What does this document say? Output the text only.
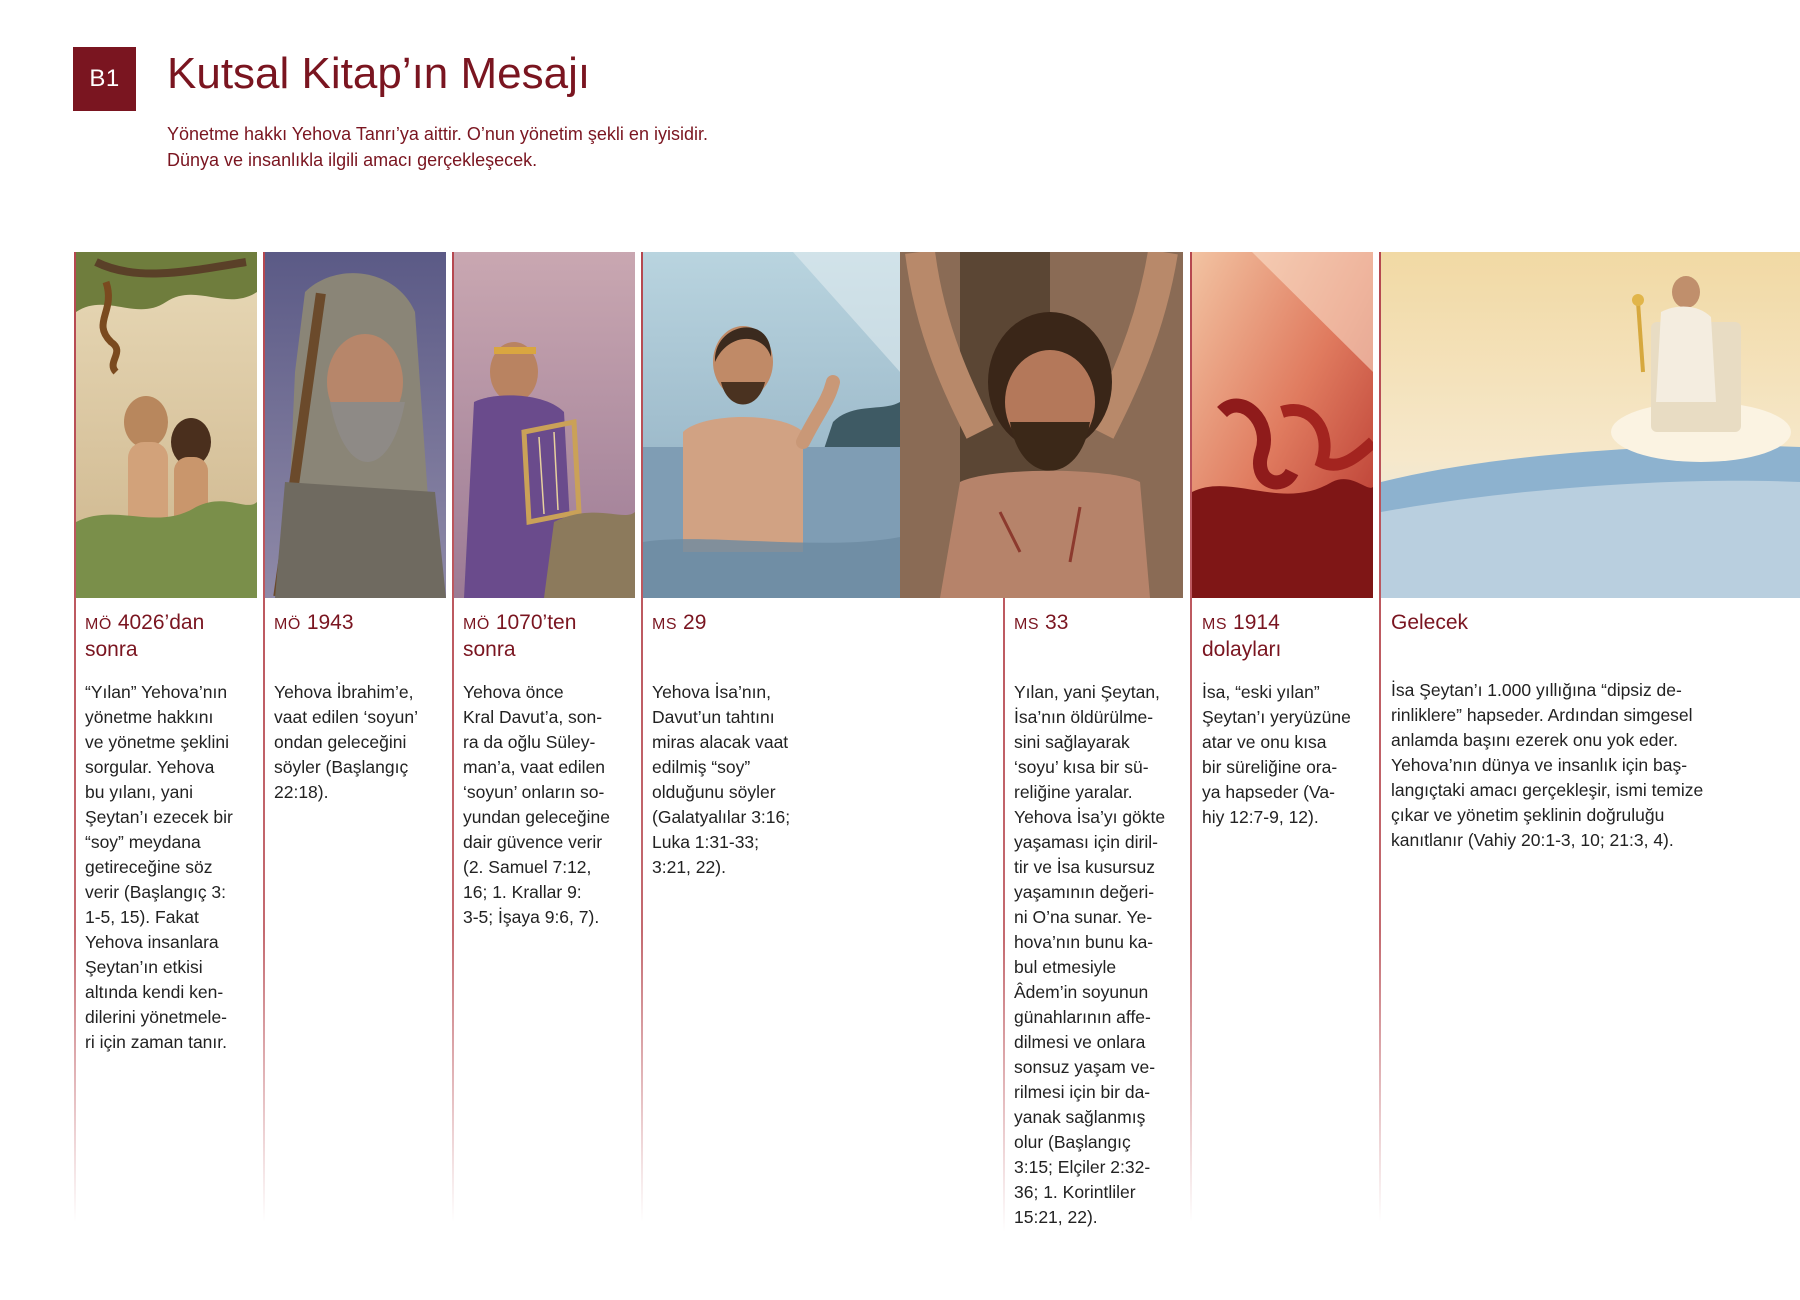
B1	Kutsal Kitap’ın Mesajı

Yönetme hakkı Yehova Tanrı’ya aittir. O’nun yönetim şekli en iyisidir.
Dünya ve insanlıkla ilgili amacı gerçekleşecek.

MÖ 4026’dan
sonra

“Yılan” Yehova’nın
yönetme hakkını
ve yönetme şeklini
sorgular. Yehova
bu yılanı, yani
Şeytan’ı ezecek bir
“soy” meydana
getireceğine söz
verir (Başlangıç 3:
1-5, 15). Fakat
Yehova insanlara
Şeytan’ın etkisi
altında kendi ken-
dilerini yönetmele-
ri için zaman tanır.

MÖ 1943

Yehova İbrahim’e,
vaat edilen ‘soyun’
ondan geleceğini
söyler (Başlangıç
22:18).

MÖ 1070’ten
sonra

Yehova önce
Kral Davut’a, son-
ra da oğlu Süley-
man’a, vaat edilen
‘soyun’ onların so-
yundan geleceğine
dair güvence verir
(2. Samuel 7:12,
16; 1. Krallar 9:
3-5; İşaya 9:6, 7).

MS 29

Yehova İsa’nın,
Davut’un tahtını
miras alacak vaat
edilmiş “soy”
olduğunu söyler
(Galatyalılar 3:16;
Luka 1:31-33;
3:21, 22).

MS 33

Yılan, yani Şeytan,
İsa’nın öldürülme-
sini sağlayarak
‘soyu’ kısa bir sü-
reliğine yaralar.
Yehova İsa’yı gökte
yaşaması için diril-
tir ve İsa kusursuz
yaşamının değeri-
ni O’na sunar. Ye-
hova’nın bunu ka-
bul etmesiyle
Âdem’in soyunun
günahlarının affe-
dilmesi ve onlara
sonsuz yaşam ve-
rilmesi için bir da-
yanak sağlanmış
olur (Başlangıç
3:15; Elçiler 2:32-
36; 1. Korintliler
15:21, 22).

MS 1914
dolayları

İsa, “eski yılan”
Şeytan’ı yeryüzüne
atar ve onu kısa
bir süreliğine ora-
ya hapseder (Va-
hiy 12:7-9, 12).

Gelecek

İsa Şeytan’ı 1.000 yıllığına “dipsiz de-
rinliklere” hapseder. Ardından simgesel
anlamda başını ezerek onu yok eder.
Yehova’nın dünya ve insanlık için baş-
langıçtaki amacı gerçekleşir, ismi temize
çıkar ve yönetim şeklinin doğruluğu
kanıtlanır (Vahiy 20:1-3, 10; 21:3, 4).
